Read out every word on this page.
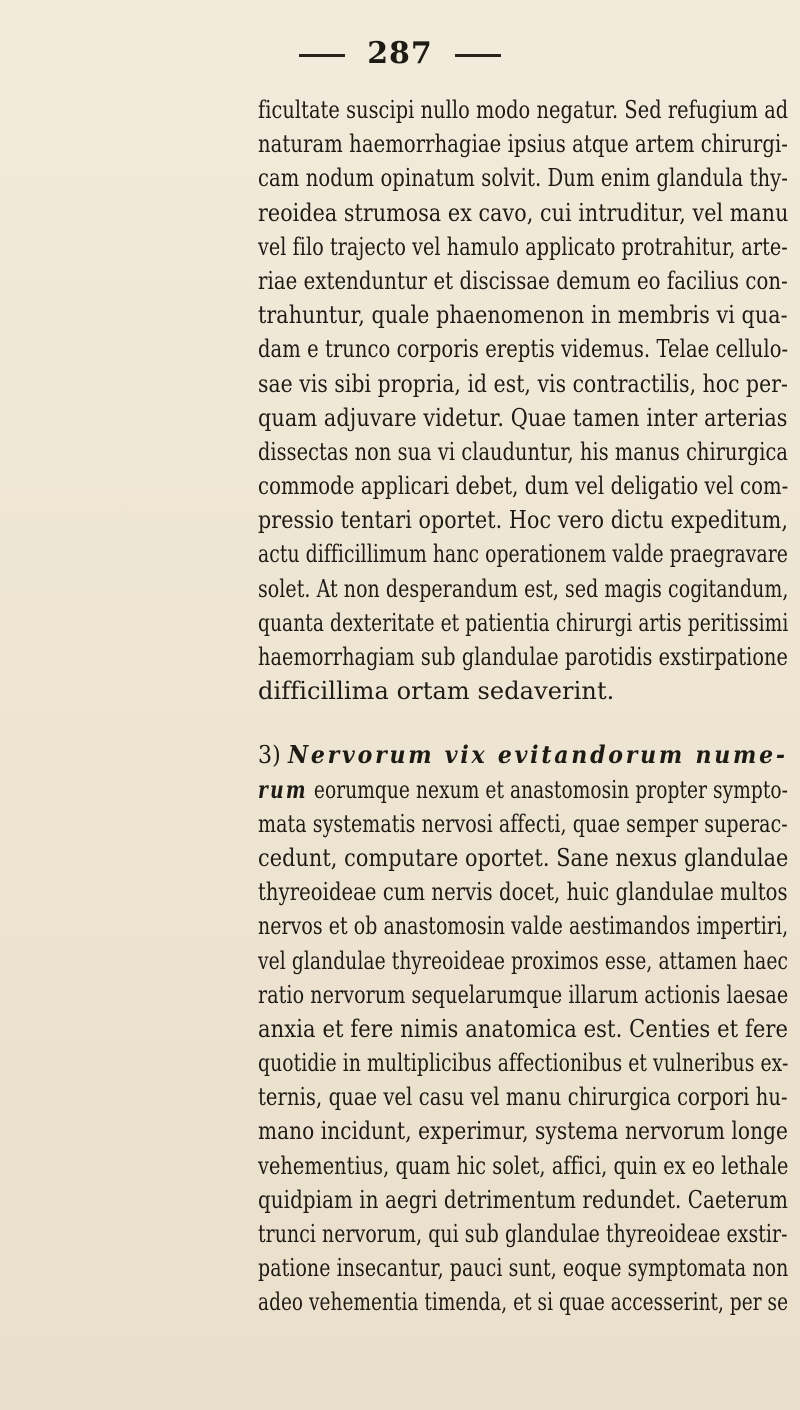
287
ficultate suscipi nullo modo negatur. Sed refugium ad
naturam haemorrhagiae ipsius atque artem chirurgi-
cam nodum opinatum solvit. Dum enim glandula thy-
reoidea strumosa ex cavo, cui intruditur, vel manu
vel filo trajecto vel hamulo applicato protrahitur, arte-
riae extenduntur et discissae demum eo facilius con-
trahuntur, quale phaenomenon in membris vi qua-
dam e trunco corporis ereptis videmus. Telae cellulo-
sae vis sibi propria, id est, vis contractilis, hoc per-
quam adjuvare videtur. Quae tamen inter arterias
dissectas non sua vi clauduntur, his manus chirurgica
commode applicari debet, dum vel deligatio vel com-
pressio tentari oportet. Hoc vero dictu expeditum,
actu difficillimum hanc operationem valde praegravare
solet. At non desperandum est, sed magis cogitandum,
quanta dexteritate et patientia chirurgi artis peritissimi
haemorrhagiam sub glandulae parotidis exstirpatione
difficillima ortam sedaverint.
3) Nervorum vix evitandorum nume-
rum eorumque nexum et anastomosin propter sympto-
mata systematis nervosi affecti, quae semper superac-
cedunt, computare oportet. Sane nexus glandulae
thyreoideae cum nervis docet, huic glandulae multos
nervos et ob anastomosin valde aestimandos impertiri,
vel glandulae thyreoideae proximos esse, attamen haec
ratio nervorum sequelarumque illarum actionis laesae
anxia et fere nimis anatomica est. Centies et fere
quotidie in multiplicibus affectionibus et vulneribus ex-
ternis, quae vel casu vel manu chirurgica corpori hu-
mano incidunt, experimur, systema nervorum longe
vehementius, quam hic solet, affici, quin ex eo lethale
quidpiam in aegri detrimentum redundet. Caeterum
trunci nervorum, qui sub glandulae thyreoideae exstir-
patione insecantur, pauci sunt, eoque symptomata non
adeo vehementia timenda, et si quae accesserint, per se
